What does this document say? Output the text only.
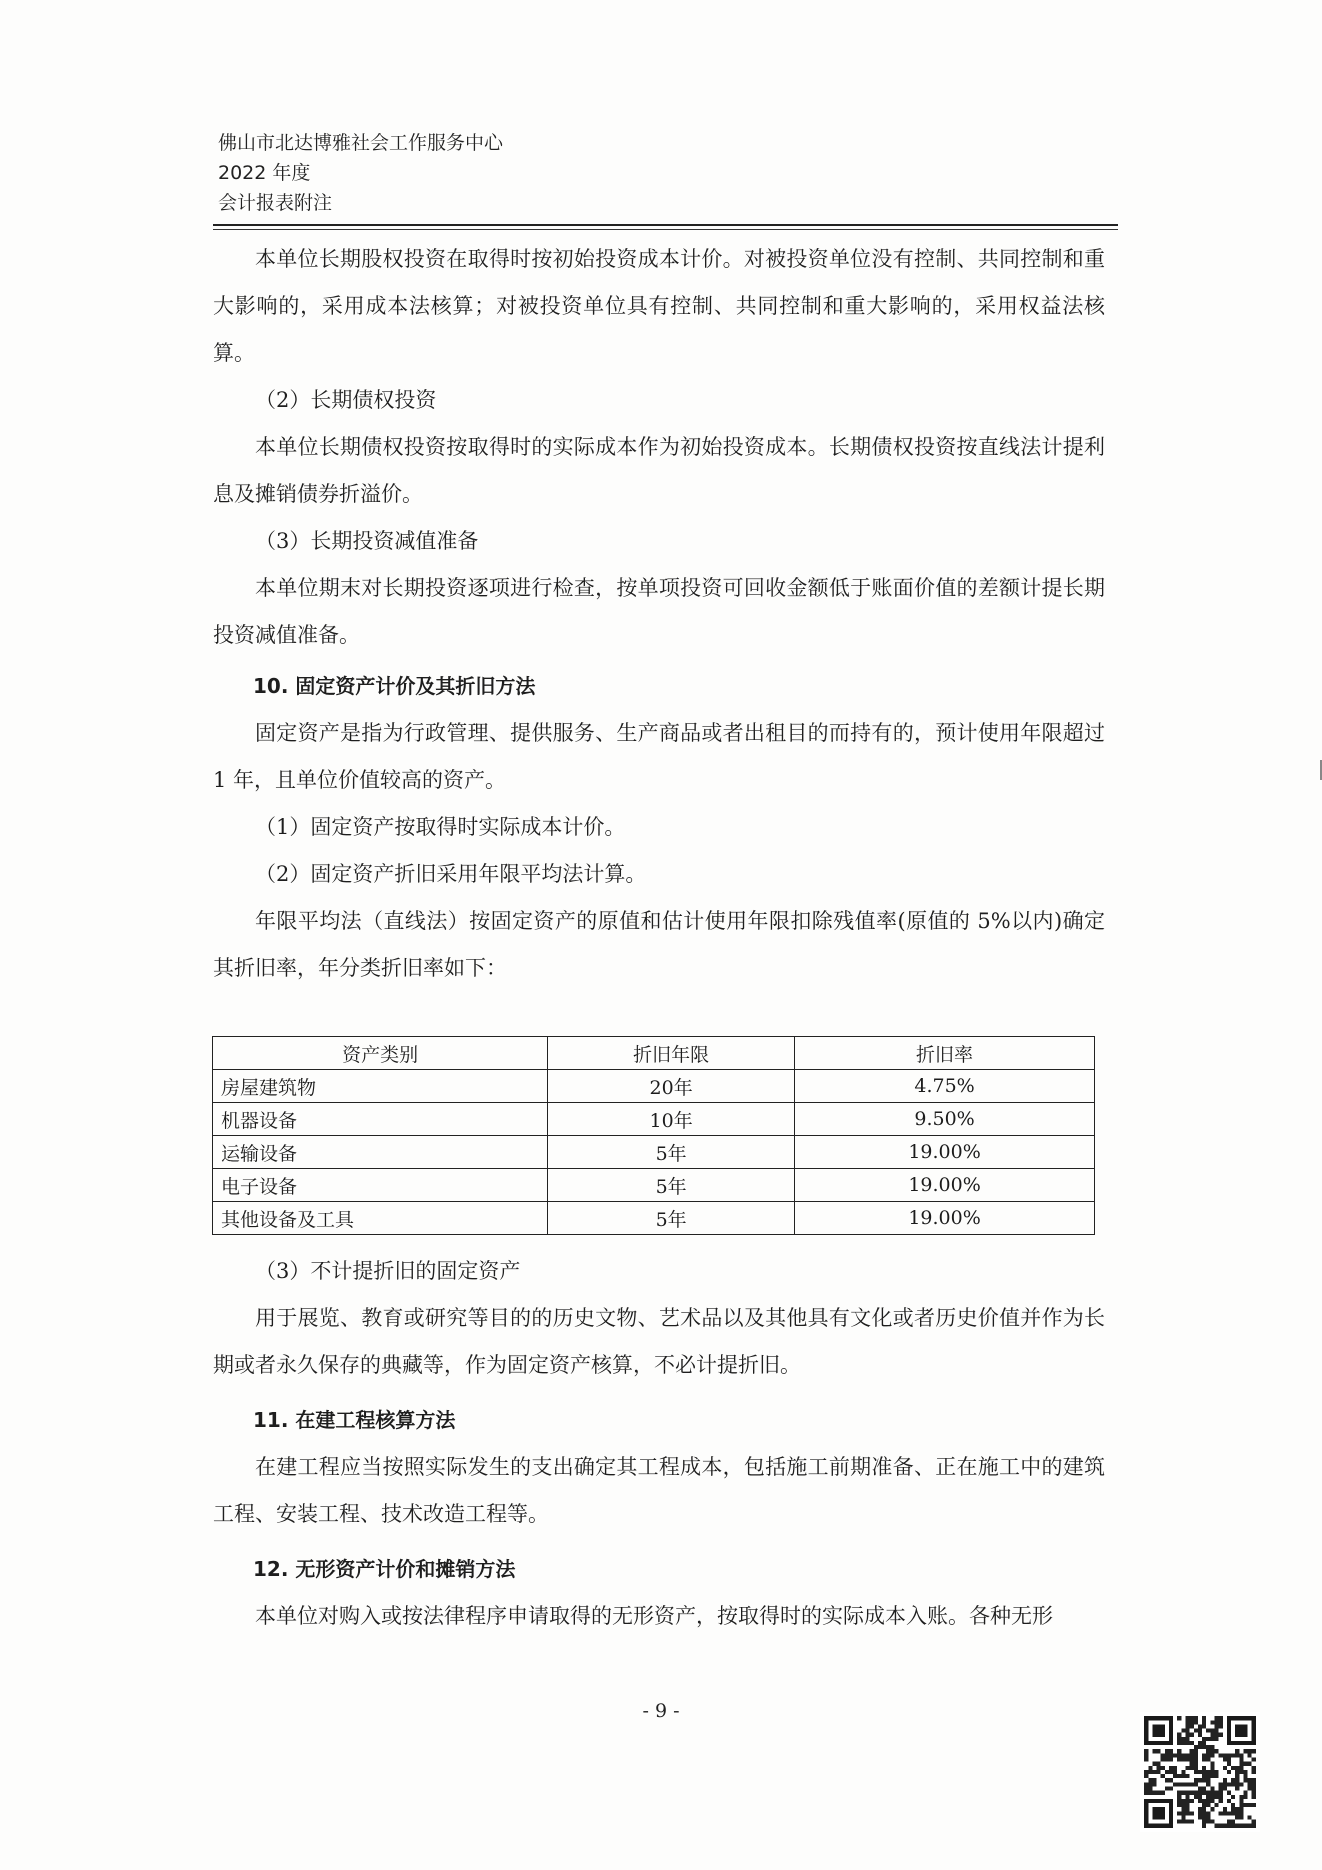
佛山市北达博雅社会工作服务中心
2022 年度
会计报表附注

本单位长期股权投资在取得时按初始投资成本计价。对被投资单位没有控制、共同控制和重大影响的，采用成本法核算；对被投资单位具有控制、共同控制和重大影响的，采用权益法核算。

（2）长期债权投资

本单位长期债权投资按取得时的实际成本作为初始投资成本。长期债权投资按直线法计提利息及摊销债券折溢价。

（3）长期投资减值准备

本单位期末对长期投资逐项进行检查，按单项投资可回收金额低于账面价值的差额计提长期投资减值准备。

10. 固定资产计价及其折旧方法

固定资产是指为行政管理、提供服务、生产商品或者出租目的而持有的，预计使用年限超过 1 年，且单位价值较高的资产。

（1）固定资产按取得时实际成本计价。

（2）固定资产折旧采用年限平均法计算。

年限平均法（直线法）按固定资产的原值和估计使用年限扣除残值率(原值的 5%以内)确定其折旧率，年分类折旧率如下：

资产类别	折旧年限	折旧率
房屋建筑物	20年	4.75%
机器设备	10年	9.50%
运输设备	5年	19.00%
电子设备	5年	19.00%
其他设备及工具	5年	19.00%

（3）不计提折旧的固定资产

用于展览、教育或研究等目的的历史文物、艺术品以及其他具有文化或者历史价值并作为长期或者永久保存的典藏等，作为固定资产核算，不必计提折旧。

11. 在建工程核算方法

在建工程应当按照实际发生的支出确定其工程成本，包括施工前期准备、正在施工中的建筑工程、安装工程、技术改造工程等。

12. 无形资产计价和摊销方法

本单位对购入或按法律程序申请取得的无形资产，按取得时的实际成本入账。各种无形

- 9 -
